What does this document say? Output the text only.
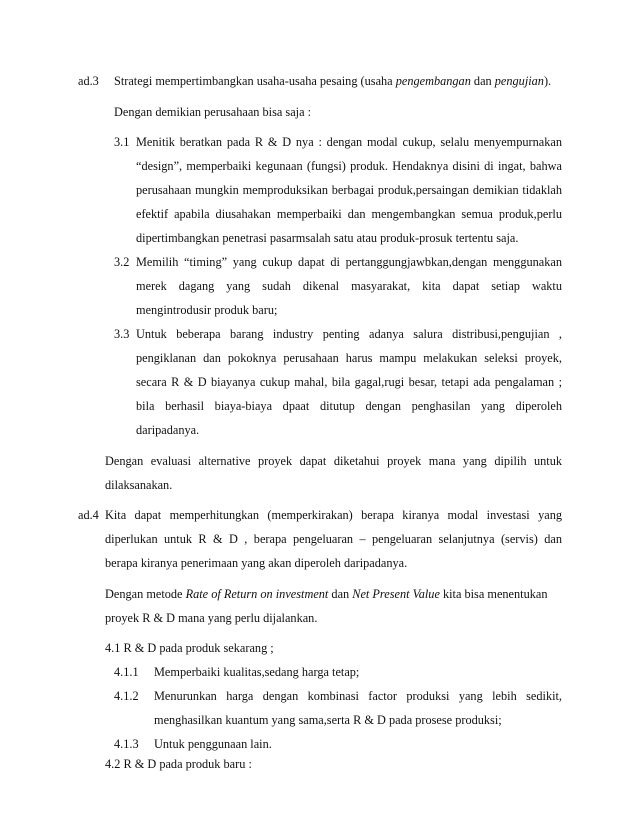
ad.3 Strategi mempertimbangkan usaha-usaha pesaing (usaha pengembangan dan pengujian).
Dengan demikian perusahaan bisa saja :
3.1 Menitik beratkan pada R & D nya : dengan modal cukup, selalu menyempurnakan
“design”, memperbaiki kegunaan (fungsi) produk. Hendaknya disini di ingat, bahwa
perusahaan mungkin memproduksikan berbagai produk,persaingan demikian tidaklah
efektif apabila diusahakan memperbaiki dan mengembangkan semua produk,perlu
dipertimbangkan penetrasi pasarmsalah satu atau produk-prosuk tertentu saja.
3.2 Memilih “timing” yang cukup dapat di pertanggungjawbkan,dengan menggunakan
merek dagang yang sudah dikenal masyarakat, kita dapat setiap waktu
mengintrodusir produk baru;
3.3 Untuk beberapa barang industry penting adanya salura distribusi,pengujian ,
pengiklanan dan pokoknya perusahaan harus mampu melakukan seleksi proyek,
secara R & D biayanya cukup mahal, bila gagal,rugi besar, tetapi ada pengalaman ;
bila berhasil biaya-biaya dpaat ditutup dengan penghasilan yang diperoleh
daripadanya.
Dengan evaluasi alternative proyek dapat diketahui proyek mana yang dipilih untuk
dilaksanakan.
ad.4 Kita dapat memperhitungkan (memperkirakan) berapa kiranya modal investasi yang
diperlukan untuk R & D , berapa pengeluaran – pengeluaran selanjutnya (servis) dan
berapa kiranya penerimaan yang akan diperoleh daripadanya.
Dengan metode Rate of Return on investment dan Net Present Value kita bisa menentukan
proyek R & D mana yang perlu dijalankan.
4.1 R & D pada produk sekarang ;
4.1.1 Memperbaiki kualitas,sedang harga tetap;
4.1.2 Menurunkan harga dengan kombinasi factor produksi yang lebih sedikit,
menghasilkan kuantum yang sama,serta R & D pada prosese produksi;
4.1.3 Untuk penggunaan lain.
4.2 R & D pada produk baru :
